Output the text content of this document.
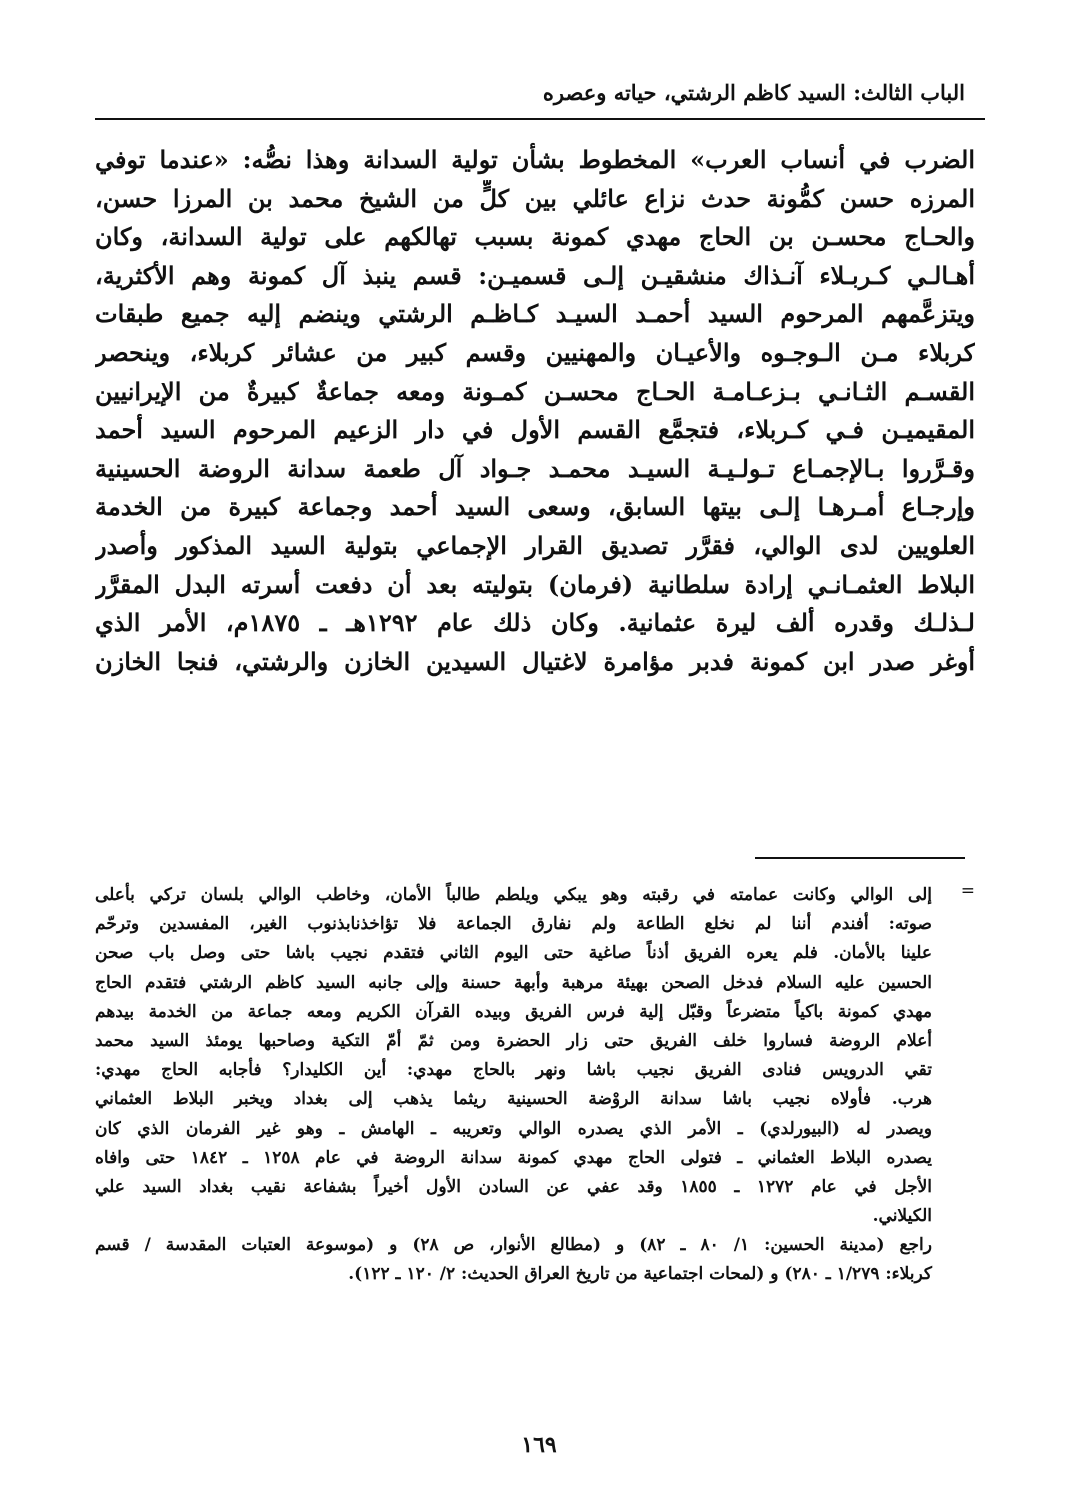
الباب الثالث: السيد كاظم الرشتي، حياته وعصره
الضرب في أنساب العرب» المخطوط بشأن تولية السدانة وهذا نصُّه: «عندما توفي
المرزه حسن كمُّونة حدث نزاع عائلي بين كلٍّ من الشيخ محمد بن المرزا حسن،
والحـاج محسـن بن الحاج مهدي كمونة بسبب تهالكهم على تولية السدانة، وكان
أهـالـي كـربـلاء آنـذاك منشقيـن إلـى قسميـن: قسم ينبذ آل كمونة وهم الأكثرية،
ويتزعَّمهم المرحوم السيد أحمـد السيـد كـاظـم الرشتي وينضم إليه جميع طبقات
كربلاء مـن الـوجـوه والأعيـان والمهنيين وقسم كبير من عشائر كربلاء، وينحصر
القسـم الثـانـي بـزعـامـة الحـاج محسـن كمـونة ومعه جماعةٌ كبيرةٌ من الإيرانيين
المقيميـن فـي كـربلاء، فتجمَّع القسم الأول في دار الزعيم المرحوم السيد أحمد
وقـرَّروا بـالإجمـاع تـولـيـة السيـد محمـد جـواد آل طعمة سدانة الروضة الحسينية
وإرجـاع أمـرهـا إلـى بيتها السابق، وسعى السيد أحمد وجماعة كبيرة من الخدمة
العلويين لدى الوالي، فقرَّر تصديق القرار الإجماعي بتولية السيد المذكور وأصدر
البلاط العثمـانـي إرادة سلطانية (فرمان) بتوليته بعد أن دفعت أسرته البدل المقرَّر
لـذلـك وقدره ألف ليرة عثمانية. وكان ذلك عام ١٢٩٢هـ ـ ١٨٧٥م، الأمر الذي
أوغر صدر ابن كمونة فدبر مؤامرة لاغتيال السيدين الخازن والرشتي، فنجا الخازن
=
إلى الوالي وكانت عمامته في رقبته وهو يبكي ويلطم طالباً الأمان، وخاطب الوالي بلسان تركي بأعلى
صوته: أفندم أننا لم نخلع الطاعة ولم نفارق الجماعة فلا تؤاخذنابذنوب الغير، المفسدين وترحّم
علينا بالأمان. فلم يعره الفريق أذناً صاغية حتى اليوم الثاني فتقدم نجيب باشا حتى وصل باب صحن
الحسين عليه السلام فدخل الصحن بهيئة مرهبة وأبهة حسنة وإلى جانبه السيد كاظم الرشتي فتقدم الحاج
مهدي كمونة باكياً متضرعاً وقبّل إلية فرس الفريق وبيده القرآن الكريم ومعه جماعة من الخدمة بيدهم
أعلام الروضة فساروا خلف الفريق حتى زار الحضرة ومن ثمّ أمّ التكية وصاحبها يومئذ السيد محمد
تقي الدرويس فنادى الفريق نجيب باشا ونهر بالحاج مهدي: أين الكليدار؟ فأجابه الحاج مهدي:
هرب. فأولاه نجيب باشا سدانة الروْضة الحسينية ريثما يذهب إلى بغداد ويخبر البلاط العثماني
ويصدر له (البيورلدي) ـ الأمر الذي يصدره الوالي وتعريبه ـ الهامش ـ وهو غير الفرمان الذي كان
يصدره البلاط العثماني ـ فتولى الحاج مهدي كمونة سدانة الروضة في عام ١٢٥٨ ـ ١٨٤٢ حتى وافاه
الأجل في عام ١٢٧٢ ـ ١٨٥٥ وقد عفي عن السادن الأول أخيراً بشفاعة نقيب بغداد السيد علي
الكيلاني.
راجع (مدينة الحسين: ١/ ٨٠ ـ ٨٢) و (مطالع الأنوار، ص ٢٨) و (موسوعة العتبات المقدسة / قسم
كربلاء: ١/٢٧٩ ـ ٢٨٠) و (لمحات اجتماعية من تاريخ العراق الحديث: ٢/ ١٢٠ ـ ١٢٢).
١٦٩
